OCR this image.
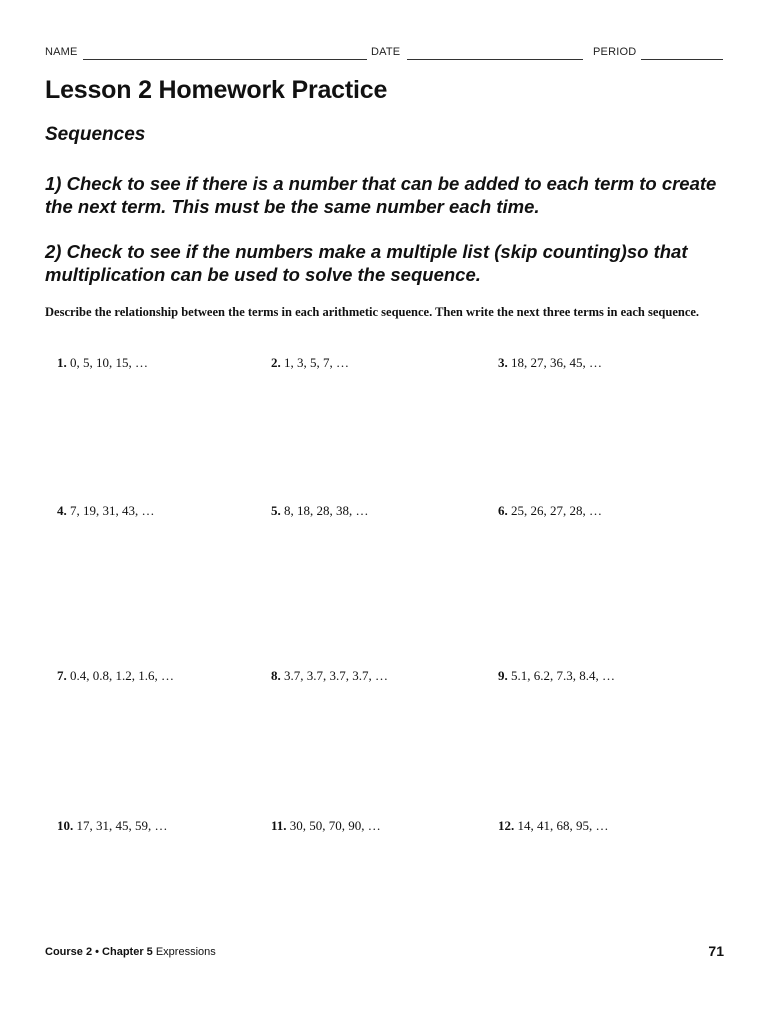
NAME	DATE	PERIOD
Lesson 2 Homework Practice
Sequences
1) Check to see if there is a number that can be added to each term to create the next term. This must be the same number each time.
2) Check to see if the numbers make a multiple list (skip counting)so that multiplication can be used to solve the sequence.
Describe the relationship between the terms in each arithmetic sequence. Then write the next three terms in each sequence.
1. 0, 5, 10, 15, …	2. 1, 3, 5, 7, …	3. 18, 27, 36, 45, …
4. 7, 19, 31, 43, …	5. 8, 18, 28, 38, …	6. 25, 26, 27, 28, …
7. 0.4, 0.8, 1.2, 1.6, …	8. 3.7, 3.7, 3.7, 3.7, …	9. 5.1, 6.2, 7.3, 8.4, …
10. 17, 31, 45, 59, …	11. 30, 50, 70, 90, …	12. 14, 41, 68, 95, …
Course 2 • Chapter 5 Expressions	71
